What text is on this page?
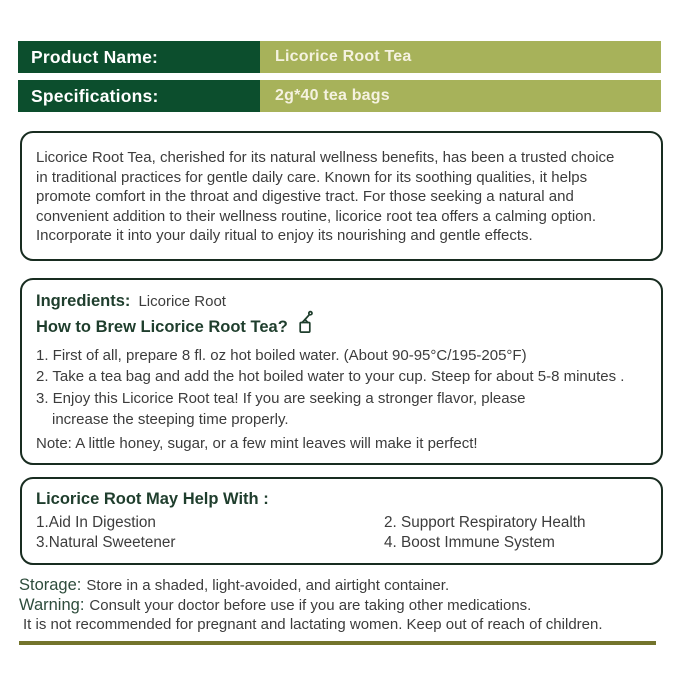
Product Name:	Licorice Root Tea
Specifications:	2g*40 tea bags

Licorice Root Tea, cherished for its natural wellness benefits, has been a trusted choice

in traditional practices for gentle daily care. Known for its soothing qualities, it helps

promote comfort in the throat and digestive tract. For those seeking a natural and

convenient addition to their wellness routine, licorice root tea offers a calming option.

Incorporate it into your daily ritual to enjoy its nourishing and gentle effects.

Ingredients: Licorice Root
How to Brew Licorice Root Tea?
1. First of all, prepare 8 fl. oz hot boiled water. (About 90-95°C/195-205°F)
2. Take a tea bag and add the hot boiled water to your cup. Steep for about 5-8 minutes .
3. Enjoy this Licorice Root tea! If you are seeking a stronger flavor, please
increase the steeping time properly.
Note: A little honey, sugar, or a few mint leaves will make it perfect!
Licorice Root May Help With :
1.Aid In Digestion	2. Support Respiratory Health
3.Natural Sweetener	4. Boost Immune System
Storage: Store in a shaded, light-avoided, and airtight container.
Warning: Consult your doctor before use if you are taking other medications.
It is not recommended for pregnant and lactating women. Keep out of reach of children.
